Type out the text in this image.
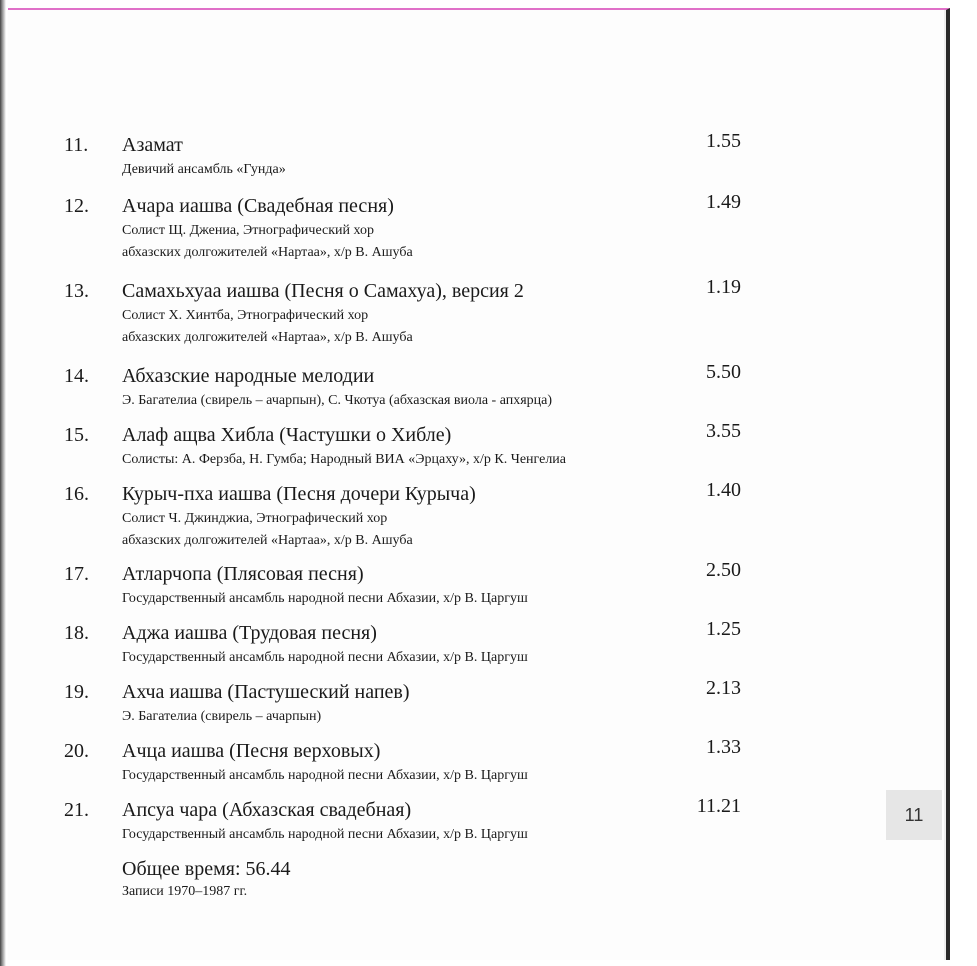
11. Азамат	1.55
Девичий ансамбль «Гунда»
12. Ачара иашва (Свадебная песня)	1.49
Солист Щ. Джениа, Этнографический хор
абхазских долгожителей «Нартаа», х/р В. Ашуба
13. Самахьхуаа иашва (Песня о Самахуа), версия 2	1.19
Солист Х. Хинтба, Этнографический хор
абхазских долгожителей «Нартаа», х/р В. Ашуба
14. Абхазские народные мелодии	5.50
Э. Багателиа (свирель – ачарпын), С. Чкотуа (абхазская виола - апхярца)
15. Алаф ащва Хибла (Частушки о Хибле)	3.55
Солисты: А. Ферзба, Н. Гумба; Народный ВИА «Эрцаху», х/р К. Ченгелиа
16. Курыч-пха иашва (Песня дочери Курыча)	1.40
Солист Ч. Джинджиа, Этнографический хор
абхазских долгожителей «Нартаа», х/р В. Ашуба
17. Атларчопа (Плясовая песня)	2.50
Государственный ансамбль народной песни Абхазии, х/р В. Царгуш
18. Аджа иашва (Трудовая песня)	1.25
Государственный ансамбль народной песни Абхазии, х/р В. Царгуш
19. Ахча иашва (Пастушеский напев)	2.13
Э. Багателиа (свирель – ачарпын)
20. Ачца иашва (Песня верховых)	1.33
Государственный ансамбль народной песни Абхазии, х/р В. Царгуш
21. Апсуа чара (Абхазская свадебная)	11.21
Государственный ансамбль народной песни Абхазии, х/р В. Царгуш
Общее время: 56.44
Записи 1970–1987 гг.
11
